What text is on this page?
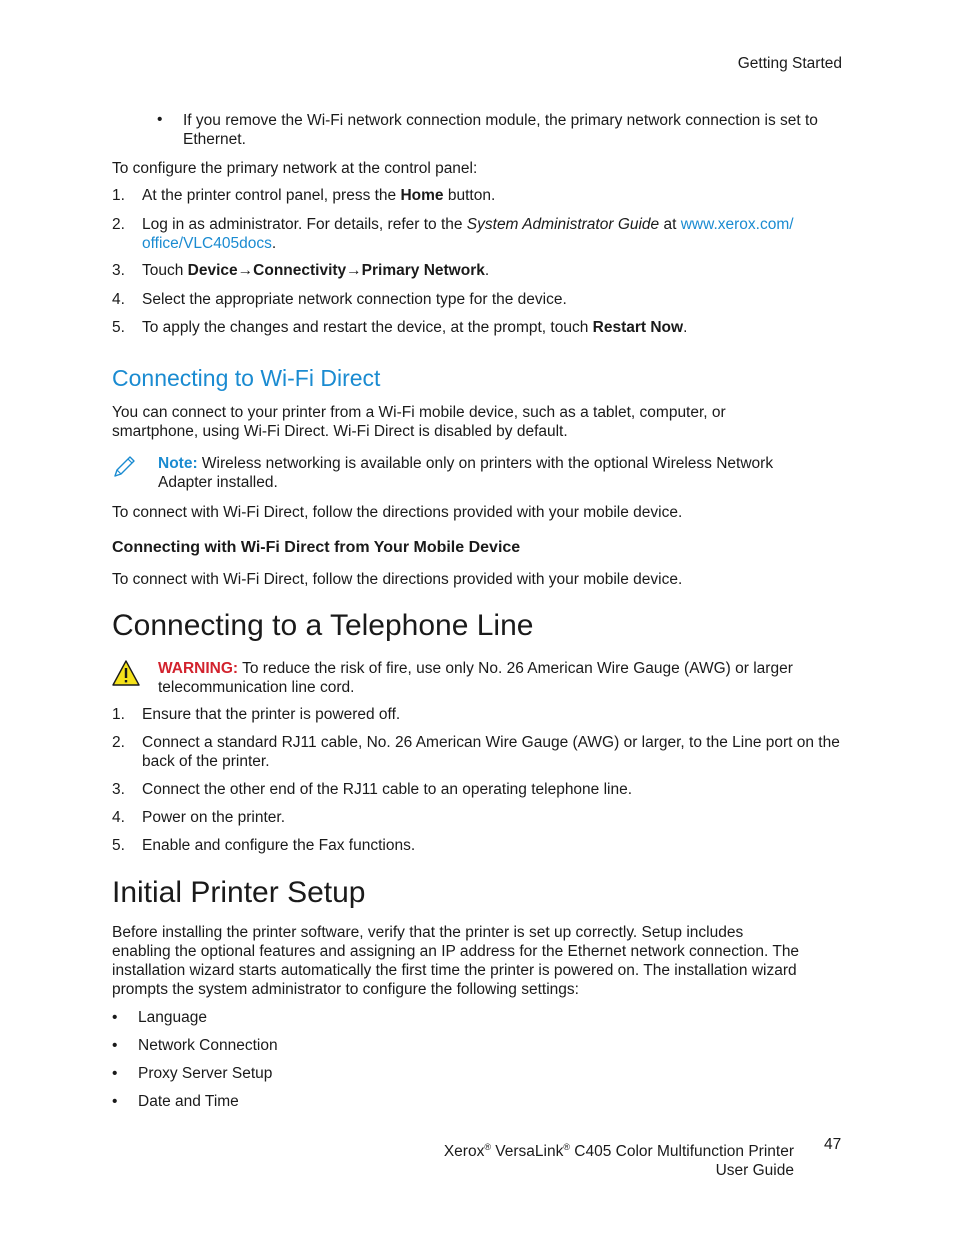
Getting Started
• If you remove the Wi-Fi network connection module, the primary network connection is set to Ethernet.
To configure the primary network at the control panel:
1. At the printer control panel, press the Home button.
2. Log in as administrator. For details, refer to the System Administrator Guide at www.xerox.com/
office/VLC405docs.
3. Touch Device→Connectivity→Primary Network.
4. Select the appropriate network connection type for the device.
5. To apply the changes and restart the device, at the prompt, touch Restart Now.
Connecting to Wi-Fi Direct
You can connect to your printer from a Wi-Fi mobile device, such as a tablet, computer, or
smartphone, using Wi-Fi Direct. Wi-Fi Direct is disabled by default.
Note: Wireless networking is available only on printers with the optional Wireless Network
Adapter installed.
To connect with Wi-Fi Direct, follow the directions provided with your mobile device.
Connecting with Wi-Fi Direct from Your Mobile Device
To connect with Wi-Fi Direct, follow the directions provided with your mobile device.
Connecting to a Telephone Line
WARNING: To reduce the risk of fire, use only No. 26 American Wire Gauge (AWG) or larger
telecommunication line cord.
1. Ensure that the printer is powered off.
2. Connect a standard RJ11 cable, No. 26 American Wire Gauge (AWG) or larger, to the Line port on the back of the printer.
3. Connect the other end of the RJ11 cable to an operating telephone line.
4. Power on the printer.
5. Enable and configure the Fax functions.
Initial Printer Setup
Before installing the printer software, verify that the printer is set up correctly. Setup includes
enabling the optional features and assigning an IP address for the Ethernet network connection. The
installation wizard starts automatically the first time the printer is powered on. The installation wizard
prompts the system administrator to configure the following settings:
• Language
• Network Connection
• Proxy Server Setup
• Date and Time
Xerox® VersaLink® C405 Color Multifunction Printer
User Guide
47
